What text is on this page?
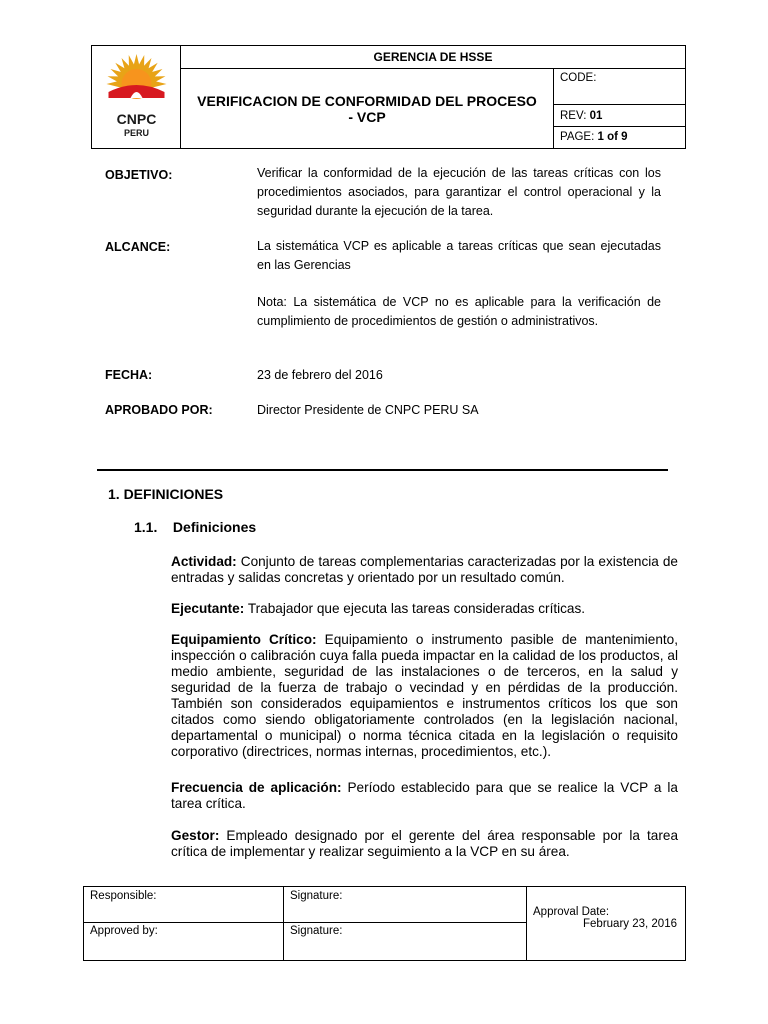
CNPC
PERU
GERENCIA DE HSSE
VERIFICACION DE CONFORMIDAD DEL PROCESO - VCP
CODE:
REV: 01
PAGE: 1 of 9
OBJETIVO:	Verificar la conformidad de la ejecución de las tareas críticas con los procedimientos asociados, para garantizar el control operacional y la seguridad durante la ejecución de la tarea.
ALCANCE:	La sistemática VCP es aplicable a tareas críticas que sean ejecutadas en las Gerencias
Nota: La sistemática de VCP no es aplicable para la verificación de cumplimiento de procedimientos de gestión o administrativos.
FECHA:	23 de febrero del 2016
APROBADO POR:	Director Presidente de CNPC PERU SA
1. DEFINICIONES
1.1. Definiciones
Actividad: Conjunto de tareas complementarias caracterizadas por la existencia de entradas y salidas concretas y orientado por un resultado común.
Ejecutante: Trabajador que ejecuta las tareas consideradas críticas.
Equipamiento Crítico: Equipamiento o instrumento pasible de mantenimiento, inspección o calibración cuya falla pueda impactar en la calidad de los productos, al medio ambiente, seguridad de las instalaciones o de terceros, en la salud y seguridad de la fuerza de trabajo o vecindad y en pérdidas de la producción. También son considerados equipamientos e instrumentos críticos los que son citados como siendo obligatoriamente controlados (en la legislación nacional, departamental o municipal) o norma técnica citada en la legislación o requisito corporativo (directrices, normas internas, procedimientos, etc.).
Frecuencia de aplicación: Período establecido para que se realice la VCP a la tarea crítica.
Gestor: Empleado designado por el gerente del área responsable por la tarea crítica de implementar y realizar seguimiento a la VCP en su área.
Responsible:	Signature:
Approved by:	Signature:
Approval Date:
February 23, 2016
